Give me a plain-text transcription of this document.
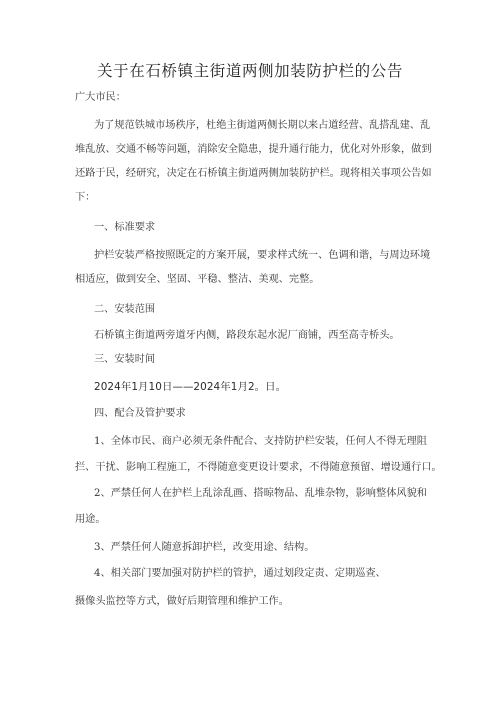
关于在石桥镇主街道两侧加装防护栏的公告
广大市民：
为了规范铁城市场秩序，杜绝主街道两侧长期以来占道经营、乱搭乱建、乱
堆乱放、交通不畅等问题，消除安全隐患，提升通行能力，优化对外形象，做到
还路于民，经研究，决定在石桥镇主街道两侧加装防护栏。现将相关事项公告如
下：
一、标准要求
护栏安装严格按照既定的方案开展，要求样式统一、色调和谐，与周边环境
相适应，做到安全、坚固、平稳、整洁、美观、完整。
二、安装范围
石桥镇主街道两旁道牙内侧，路段东起水泥厂商铺，西至高寺桥头。
三、安装时间
2024年1月10日——2024年1月2。日。
四、配合及管护要求
1、全体市民、商户必须无条件配合、支持防护栏安装，任何人不得无理阻
拦、干扰、影响工程施工，不得随意变更设计要求，不得随意预留、增设通行口。
2、严禁任何人在护栏上乱涂乱画、搭晾物品、乱堆杂物，影响整体风貌和
用途。
3、严禁任何人随意拆卸护栏，改变用途、结构。
4、相关部门要加强对防护栏的管护，通过划段定责、定期巡查、
摄像头监控等方式，做好后期管理和维护工作。
